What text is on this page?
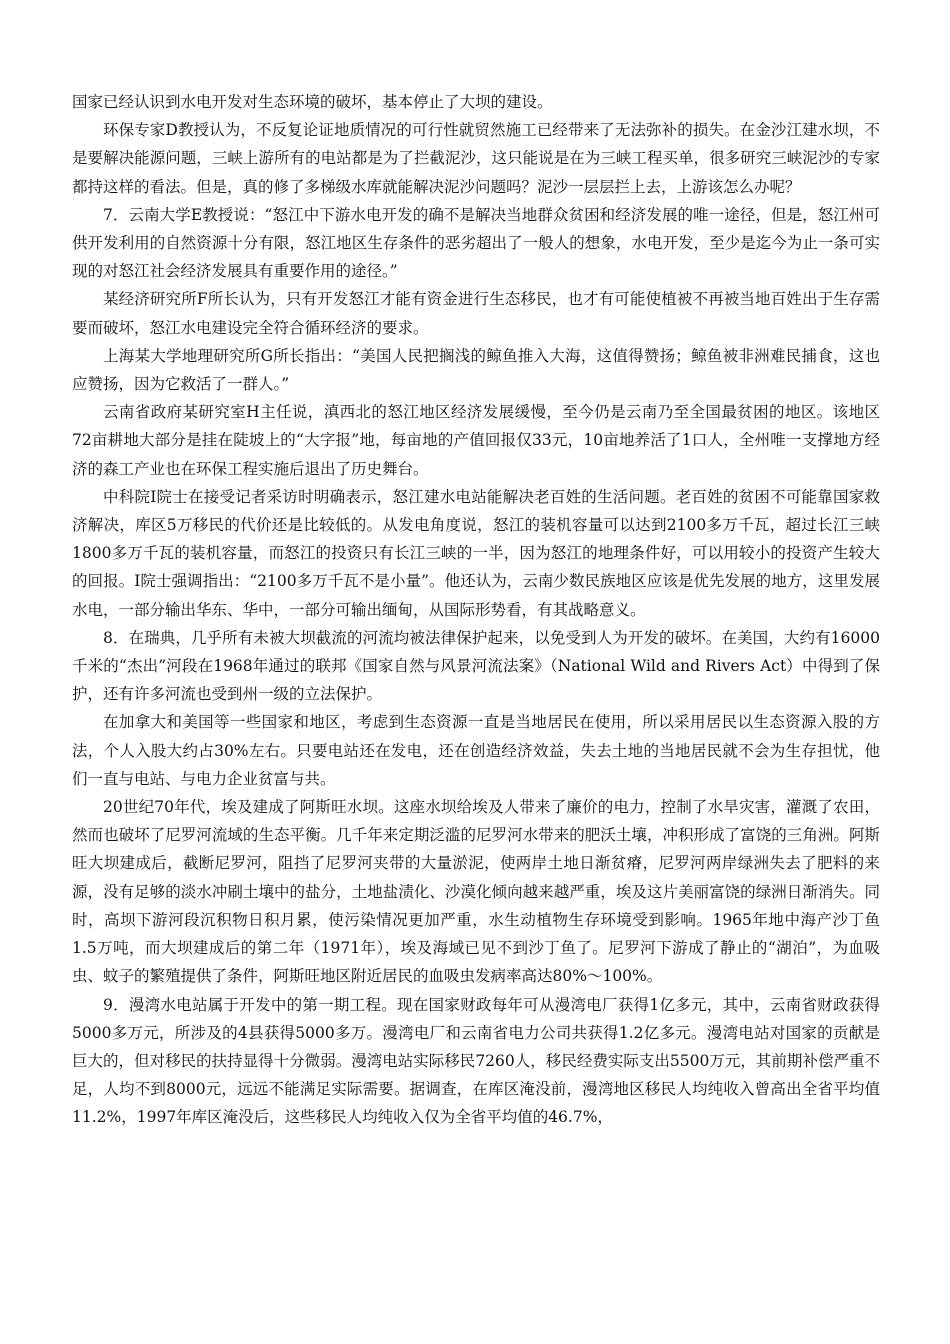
国家已经认识到水电开发对生态环境的破坏，基本停止了大坝的建设。

环保专家D教授认为，不反复论证地质情况的可行性就贸然施工已经带来了无法弥补的损失。在金沙江建水坝，不是要解决能源问题，三峡上游所有的电站都是为了拦截泥沙，这只能说是在为三峡工程买单，很多研究三峡泥沙的专家都持这样的看法。但是，真的修了多梯级水库就能解决泥沙问题吗？泥沙一层层拦上去，上游该怎么办呢？

7．云南大学E教授说：“怒江中下游水电开发的确不是解决当地群众贫困和经济发展的唯一途径，但是，怒江州可供开发利用的自然资源十分有限，怒江地区生存条件的恶劣超出了一般人的想象，水电开发，至少是迄今为止一条可实现的对怒江社会经济发展具有重要作用的途径。”

某经济研究所F所长认为，只有开发怒江才能有资金进行生态移民，也才有可能使植被不再被当地百姓出于生存需要而破坏，怒江水电建设完全符合循环经济的要求。

上海某大学地理研究所G所长指出：“美国人民把搁浅的鲸鱼推入大海，这值得赞扬；鲸鱼被非洲难民捕食，这也应赞扬，因为它救活了一群人。”

云南省政府某研究室H主任说，滇西北的怒江地区经济发展缓慢，至今仍是云南乃至全国最贫困的地区。该地区72亩耕地大部分是挂在陡坡上的“大字报”地，每亩地的产值回报仅33元，10亩地养活了1口人，全州唯一支撑地方经济的森工产业也在环保工程实施后退出了历史舞台。

中科院I院士在接受记者采访时明确表示，怒江建水电站能解决老百姓的生活问题。老百姓的贫困不可能靠国家救济解决，库区5万移民的代价还是比较低的。从发电角度说，怒江的装机容量可以达到2100多万千瓦，超过长江三峡1800多万千瓦的装机容量，而怒江的投资只有长江三峡的一半，因为怒江的地理条件好，可以用较小的投资产生较大的回报。I院士强调指出：“2100多万千瓦不是小量”。他还认为，云南少数民族地区应该是优先发展的地方，这里发展水电，一部分输出华东、华中，一部分可输出缅甸，从国际形势看，有其战略意义。

8．在瑞典，几乎所有未被大坝截流的河流均被法律保护起来，以免受到人为开发的破坏。在美国，大约有16000千米的“杰出”河段在1968年通过的联邦《国家自然与风景河流法案》（National Wild and Rivers Act）中得到了保护，还有许多河流也受到州一级的立法保护。

在加拿大和美国等一些国家和地区，考虑到生态资源一直是当地居民在使用，所以采用居民以生态资源入股的方法，个人入股大约占30%左右。只要电站还在发电，还在创造经济效益，失去土地的当地居民就不会为生存担忧，他们一直与电站、与电力企业贫富与共。

20世纪70年代，埃及建成了阿斯旺水坝。这座水坝给埃及人带来了廉价的电力，控制了水旱灾害，灌溉了农田，然而也破坏了尼罗河流域的生态平衡。几千年来定期泛滥的尼罗河水带来的肥沃土壤，冲积形成了富饶的三角洲。阿斯旺大坝建成后，截断尼罗河，阻挡了尼罗河夹带的大量淤泥，使两岸土地日渐贫瘠，尼罗河两岸绿洲失去了肥料的来源，没有足够的淡水冲刷土壤中的盐分，土地盐渍化、沙漠化倾向越来越严重，埃及这片美丽富饶的绿洲日渐消失。同时，高坝下游河段沉积物日积月累，使污染情况更加严重，水生动植物生存环境受到影响。1965年地中海产沙丁鱼1.5万吨，而大坝建成后的第二年（1971年），埃及海域已见不到沙丁鱼了。尼罗河下游成了静止的“湖泊”，为血吸虫、蚊子的繁殖提供了条件，阿斯旺地区附近居民的血吸虫发病率高达80%～100%。

9．漫湾水电站属于开发中的第一期工程。现在国家财政每年可从漫湾电厂获得1亿多元，其中，云南省财政获得5000多万元，所涉及的4县获得5000多万。漫湾电厂和云南省电力公司共获得1.2亿多元。漫湾电站对国家的贡献是巨大的，但对移民的扶持显得十分微弱。漫湾电站实际移民7260人，移民经费实际支出5500万元，其前期补偿严重不足，人均不到8000元，远远不能满足实际需要。据调查，在库区淹没前，漫湾地区移民人均纯收入曾高出全省平均值11.2%，1997年库区淹没后，这些移民人均纯收入仅为全省平均值的46.7%，
